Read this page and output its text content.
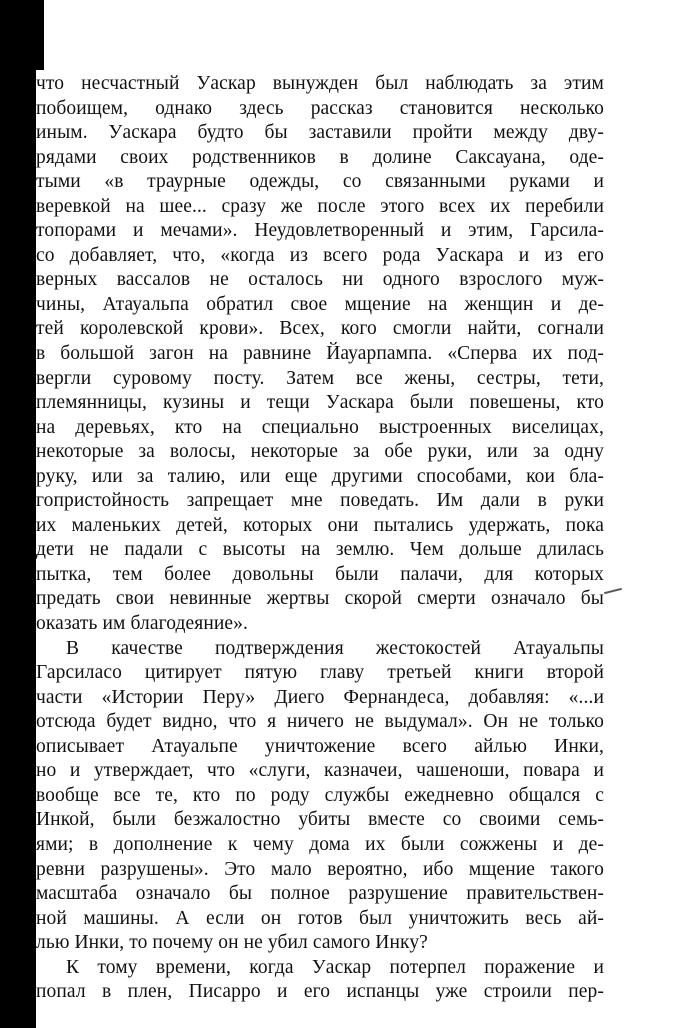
что несчастный Уаскар вынужден был наблюдать за этим
побоищем, однако здесь рассказ становится несколько
иным. Уаскара будто бы заставили пройти между дву-
рядами своих родственников в долине Саксауана, оде-
тыми «в траурные одежды, со связанными руками и
веревкой на шее... сразу же после этого всех их перебили
топорами и мечами». Неудовлетворенный и этим, Гарсила-
со добавляет, что, «когда из всего рода Уаскара и из его
верных вассалов не осталось ни одного взрослого муж-
чины, Атауальпа обратил свое мщение на женщин и де-
тей королевской крови». Всех, кого смогли найти, согнали
в большой загон на равнине Йауарпампа. «Сперва их под-
вергли суровому посту. Затем все жены, сестры, тети,
племянницы, кузины и тещи Уаскара были повешены, кто
на деревьях, кто на специально выстроенных виселицах,
некоторые за волосы, некоторые за обе руки, или за одну
руку, или за талию, или еще другими способами, кои бла-
гопристойность запрещает мне поведать. Им дали в руки
их маленьких детей, которых они пытались удержать, пока
дети не падали с высоты на землю. Чем дольше длилась
пытка, тем более довольны были палачи, для которых
предать свои невинные жертвы скорой смерти означало бы
оказать им благодеяние».
В качестве подтверждения жестокостей Атауальпы
Гарсиласо цитирует пятую главу третьей книги второй
части «Истории Перу» Диего Фернандеса, добавляя: «...и
отсюда будет видно, что я ничего не выдумал». Он не только
описывает Атауальпе уничтожение всего айлью Инки,
но и утверждает, что «слуги, казначеи, чашеноши, повара и
вообще все те, кто по роду службы ежедневно общался с
Инкой, были безжалостно убиты вместе со своими семь-
ями; в дополнение к чему дома их были сожжены и де-
ревни разрушены». Это мало вероятно, ибо мщение такого
масштаба означало бы полное разрушение правительствен-
ной машины. А если он готов был уничтожить весь ай-
лью Инки, то почему он не убил самого Инку?
К тому времени, когда Уаскар потерпел поражение и
попал в плен, Писарро и его испанцы уже строили пер-
